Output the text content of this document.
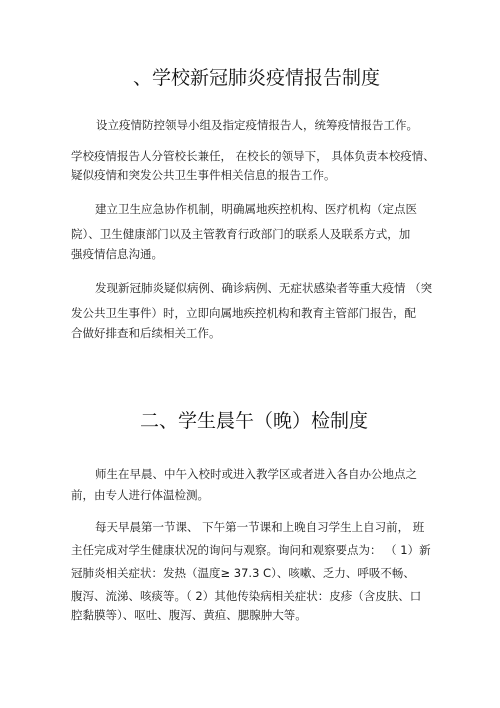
、学校新冠肺炎疫情报告制度

设立疫情防控领导小组及指定疫情报告人，统筹疫情报告工作。

学校疫情报告人分管校长兼任， 在校长的领导下， 具体负责本校疫情、
疑似疫情和突发公共卫生事件相关信息的报告工作。

建立卫生应急协作机制，明确属地疾控机构、医疗机构（定点医
院）、卫生健康部门以及主管教育行政部门的联系人及联系方式，加
强疫情信息沟通。

发现新冠肺炎疑似病例、确诊病例、无症状感染者等重大疫情 （突
发公共卫生事件）时，立即向属地疾控机构和教育主管部门报告，配
合做好排查和后续相关工作。

二、学生晨午（晚）检制度

师生在早晨、中午入校时或进入教学区或者进入各自办公地点之
前，由专人进行体温检测。

每天早晨第一节课、 下午第一节课和上晚自习学生上自习前， 班
主任完成对学生健康状况的询问与观察。询问和观察要点为： （ 1）新
冠肺炎相关症状：发热（温度≥ 37.3 C）、咳嗽、乏力、呼吸不畅、
腹泻、流涕、咳痰等。（ 2）其他传染病相关症状：皮疹（含皮肤、口
腔黏膜等）、呕吐、腹泻、黄疸、腮腺肿大等。
